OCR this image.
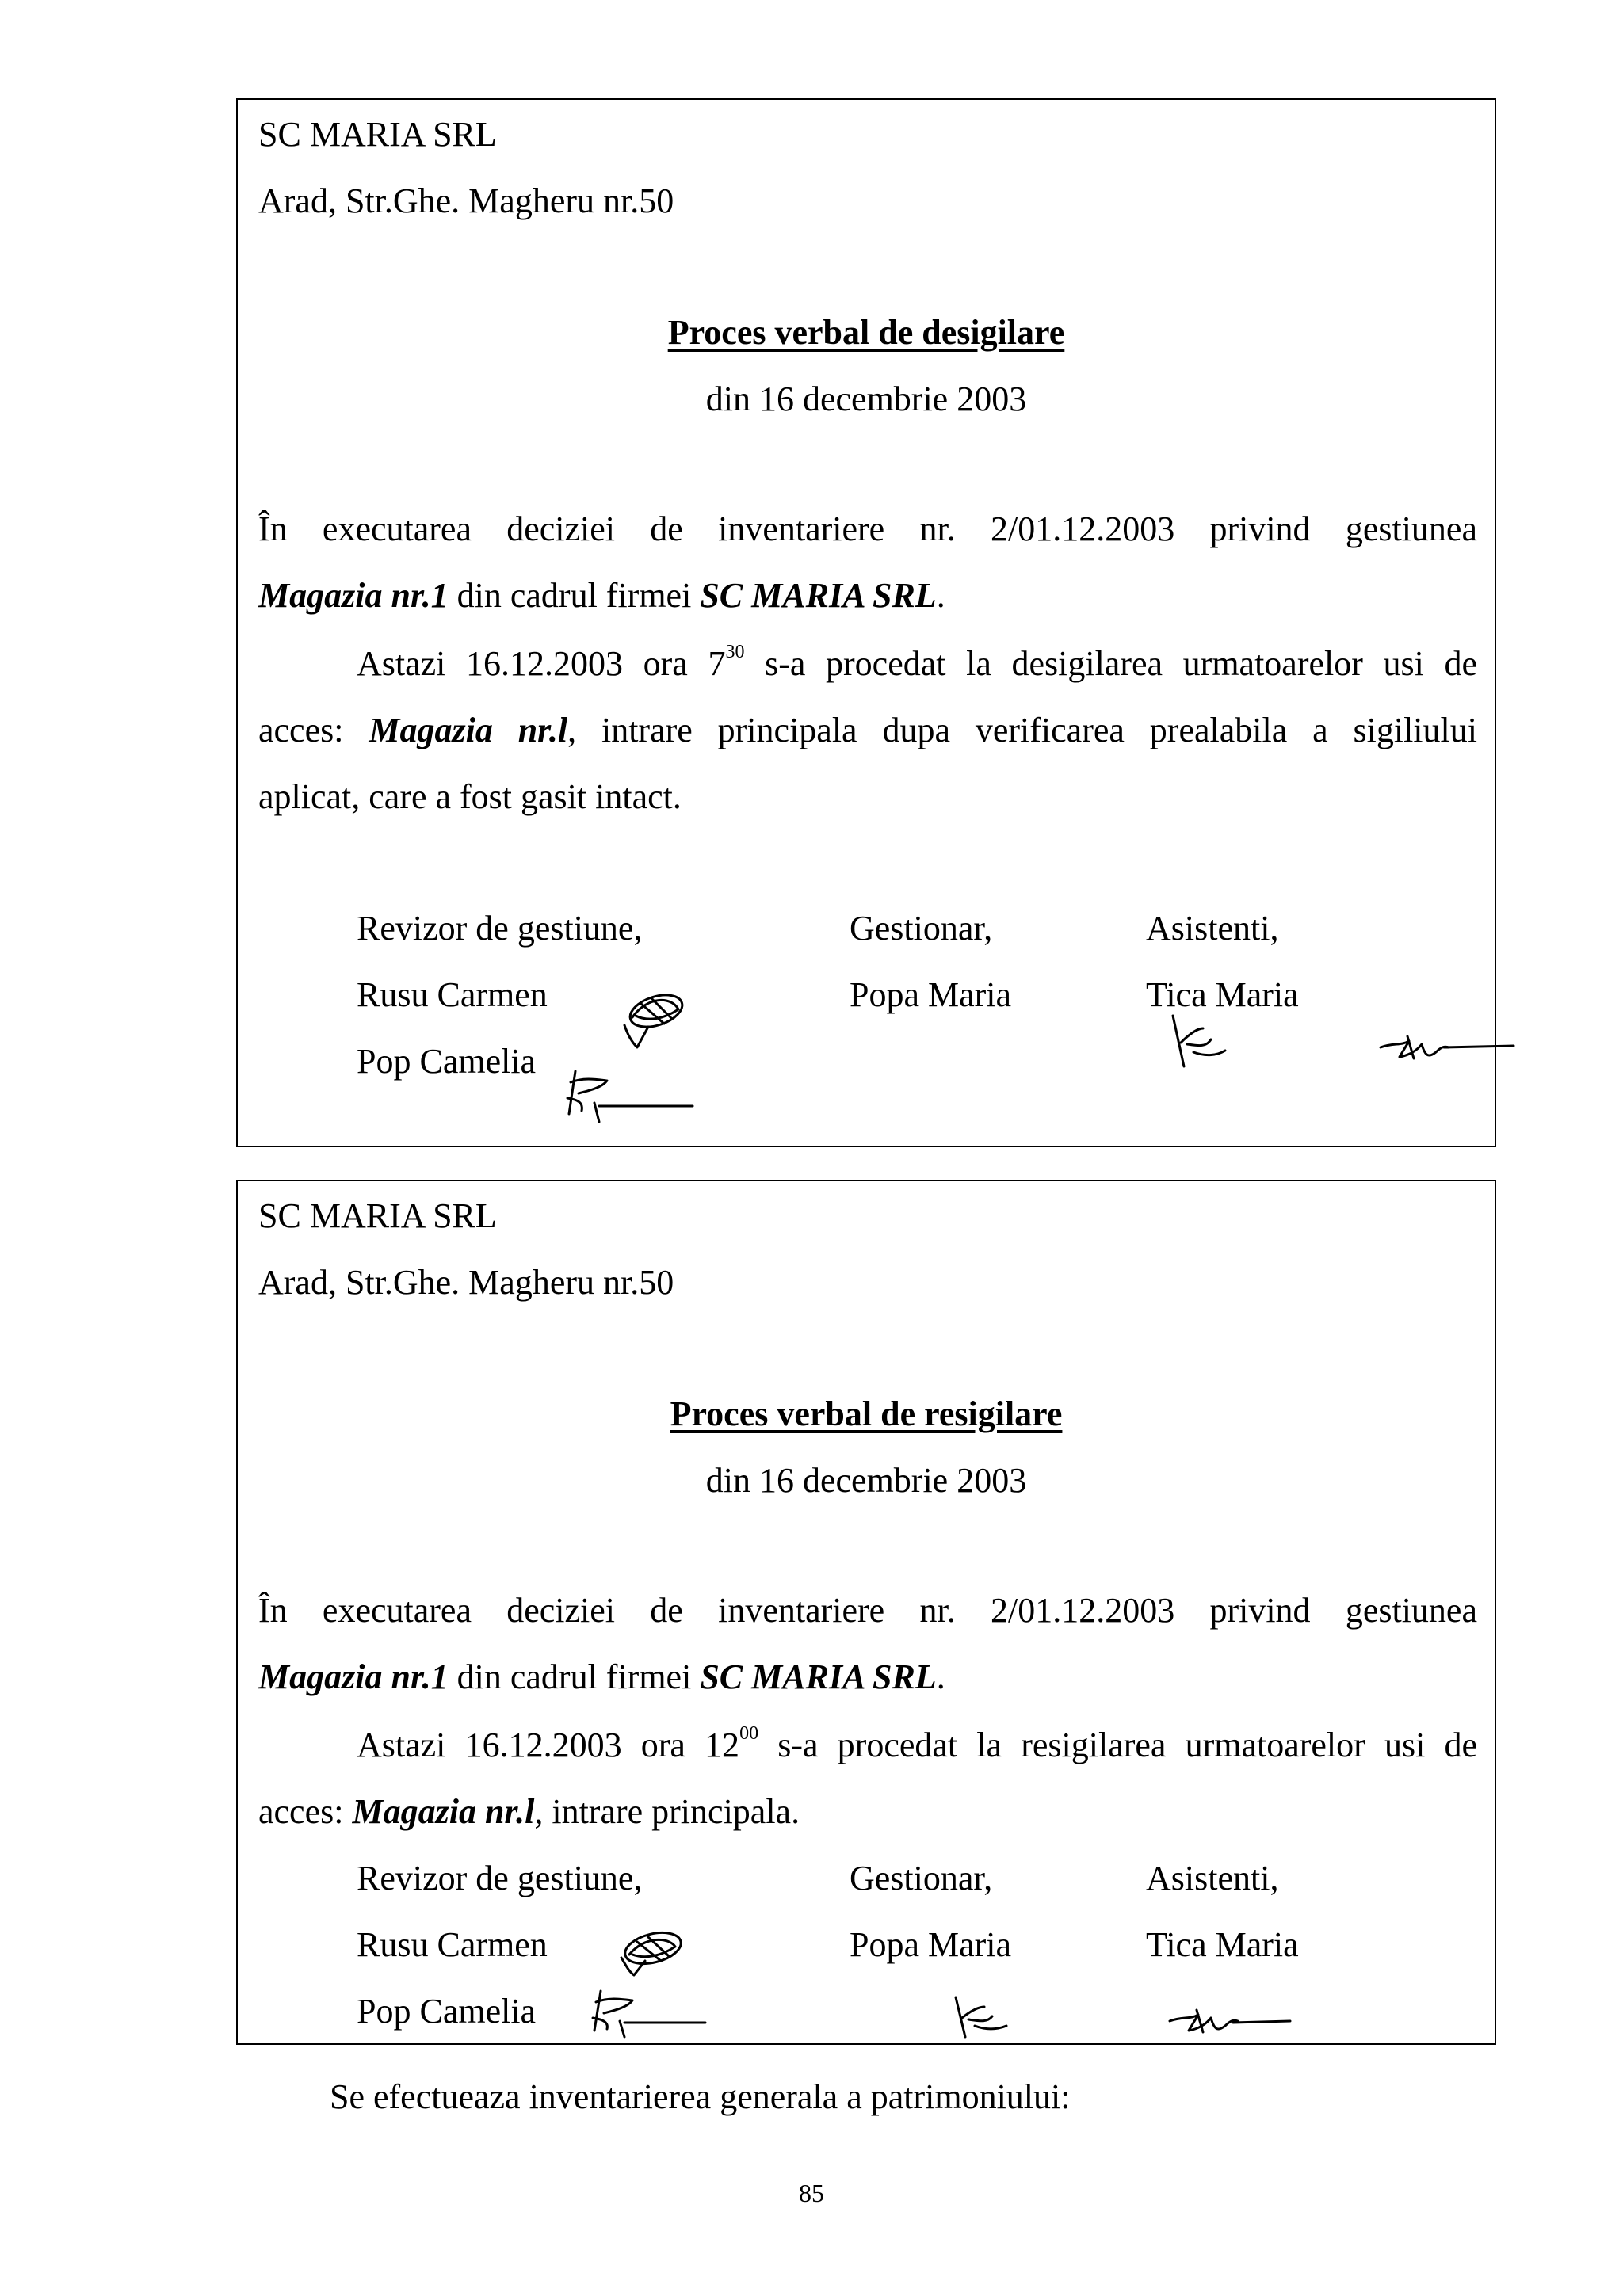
SC MARIA SRL
Arad, Str.Ghe. Magheru nr.50
Proces verbal de desigilare
din 16 decembrie 2003
În executarea deciziei de inventariere nr. 2/01.12.2003 privind gestiunea
Magazia nr.1 din cadrul firmei SC MARIA SRL.
Astazi 16.12.2003 ora $7^{30}$ s-a procedat la desigilarea urmatoarelor usi de
acces: Magazia nr.l, intrare principala dupa verificarea prealabila a sigiliului
aplicat, care a fost gasit intact.
Revizor de gestiune,	Gestionar,	Asistenti,
Rusu Carmen	Popa Maria	Tica Maria
Pop Camelia
SC MARIA SRL
Arad, Str.Ghe. Magheru nr.50
Proces verbal de resigilare
din 16 decembrie 2003
În executarea deciziei de inventariere nr. 2/01.12.2003 privind gestiunea
Magazia nr.1 din cadrul firmei SC MARIA SRL.
Astazi 16.12.2003 ora $12^{00}$ s-a procedat la resigilarea urmatoarelor usi de
acces: Magazia nr.l, intrare principala.
Revizor de gestiune,	Gestionar,	Asistenti,
Rusu Carmen	Popa Maria	Tica Maria
Pop Camelia
Se efectueaza inventarierea generala a patrimoniului:
85
